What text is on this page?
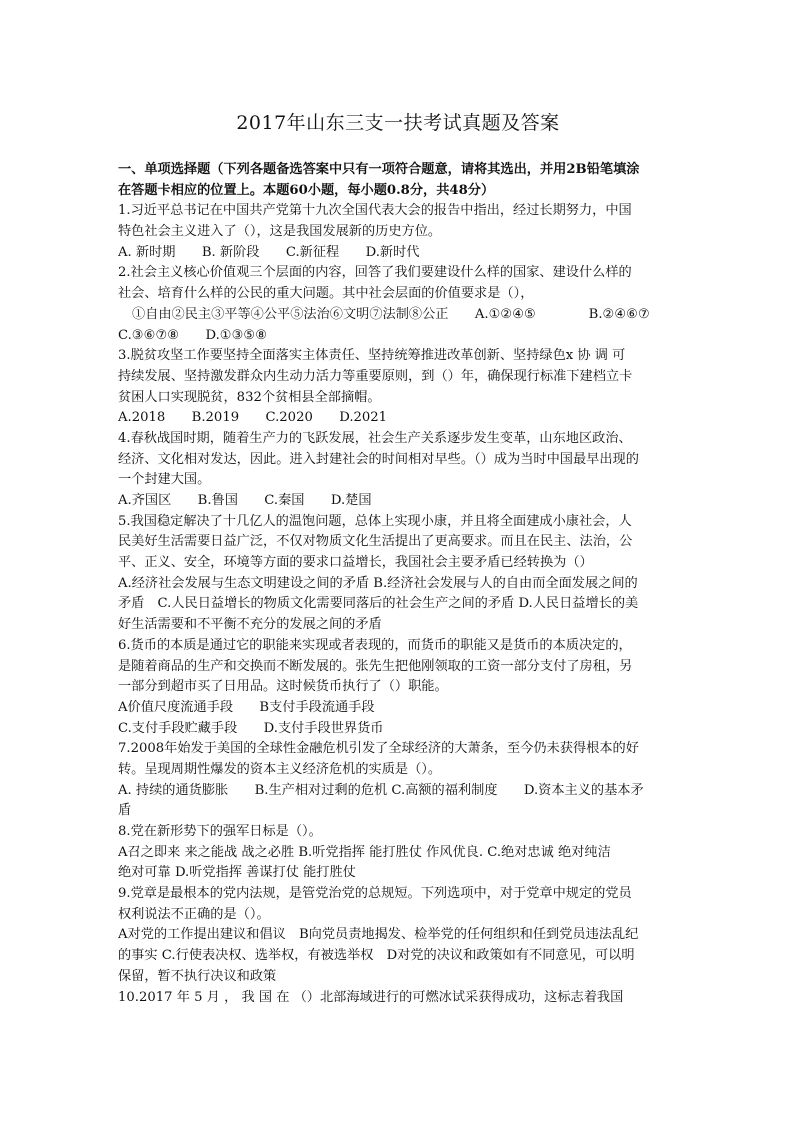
2017年山东三支一扶考试真题及答案
一、单项选择题（下列各题备选答案中只有一项符合题意，请将其选出，并用2B铅笔填涂
在答题卡相应的位置上。本题60小题，每小题0.8分，共48分）
1.习近平总书记在中国共产党第十九次全国代表大会的报告中指出，经过长期努力，中国
特色社会主义进入了（），这是我国发展新的历史方位。
A. 新时期　　B. 新阶段　　C.新征程　　D.新时代
2.社会主义核心价值观三个层面的内容，回答了我们要建设什么样的国家、建设什么样的
社会、培育什么样的公民的重大问题。其中社会层面的价值要求是（），
①自由②民主③平等④公平⑤法治⑥文明⑦法制⑧公正　　A.①②④⑤　　　　B.②④⑥⑦
C.③⑥⑦⑧　　D.①③⑤⑧
3.脱贫攻坚工作要坚持全面落实主体责任、坚持统筹推进改革创新、坚持绿色x 协 调 可
持续发展、坚持激发群众内生动力活力等重要原则，到（）年，确保现行标准下建档立卡
贫困人口实现脱贫，832个贫相县全部摘帽。
A.2018　　B.2019　　C.2020　　D.2021
4.春秋战国时期，随着生产力的飞跃发展，社会生产关系逐步发生变革，山东地区政治、
经济、文化相对发达，因此。进入封建社会的时间相对早些。（）成为当时中国最早出现的
一个封建大国。
A.齐国区　　B.鲁国　　C.秦国　　D.楚国
5.我国稳定解决了十几亿人的温饱问题，总体上实现小康，并且将全面建成小康社会，人
民美好生活需要日益广泛，不仅对物质文化生活提出了更高要求。而且在民主、法治，公
平、正义、安全，环境等方面的要求口益增长，我国社会主要矛盾已经转换为（）
A.经济社会发展与生态文明建设之间的矛盾 B.经济社会发展与人的自由而全面发展之间的
矛盾　C.人民日益增长的物质文化需要同落后的社会生产之间的矛盾 D.人民日益增长的美
好生活需要和不平衡不充分的发展之间的矛盾
6.货币的本质是通过它的职能来实现或者表现的，而货币的职能又是货币的本质决定的，
是随着商品的生产和交换而不断发展的。张先生把他刚领取的工资一部分支付了房租，另
一部分到超市买了日用品。这时候货币执行了（）职能。
A价值尺度流通手段　　B支付手段流通手段
C.支付手段贮藏手段　　D.支付手段世界货币
7.2008年始发于美国的全球性金融危机引发了全球经济的大萧条，至今仍未获得根本的好
转。呈现周期性爆发的资本主义经济危机的实质是（）。
A. 持续的通货膨胀　　B.生产相对过剩的危机 C.高额的福利制度　　D.资本主义的基本矛
盾
8.党在新形势下的强军日标是（）。
A召之即来 来之能战 战之必胜 B.听党指挥 能打胜仗 作风优良. C.绝对忠诚 绝对纯洁
绝对可靠 D.听党指挥 善谋打仗 能打胜仗
9.党章是最根本的党内法规，是管党治党的总规短。下列选项中，对于党章中规定的党员
权利说法不正确的是（）。
A对党的工作提出建议和倡议　B向党员责地揭发、检举党的任何组织和任到党员违法乱纪
的事实 C.行使表决权、选举权，有被选举权　D对党的决议和政策如有不同意见，可以明
保留，暂不执行决议和政策
10.2017 年 5 月 ， 我 国 在 （）北部海域进行的可燃冰试采获得成功，这标志着我国
